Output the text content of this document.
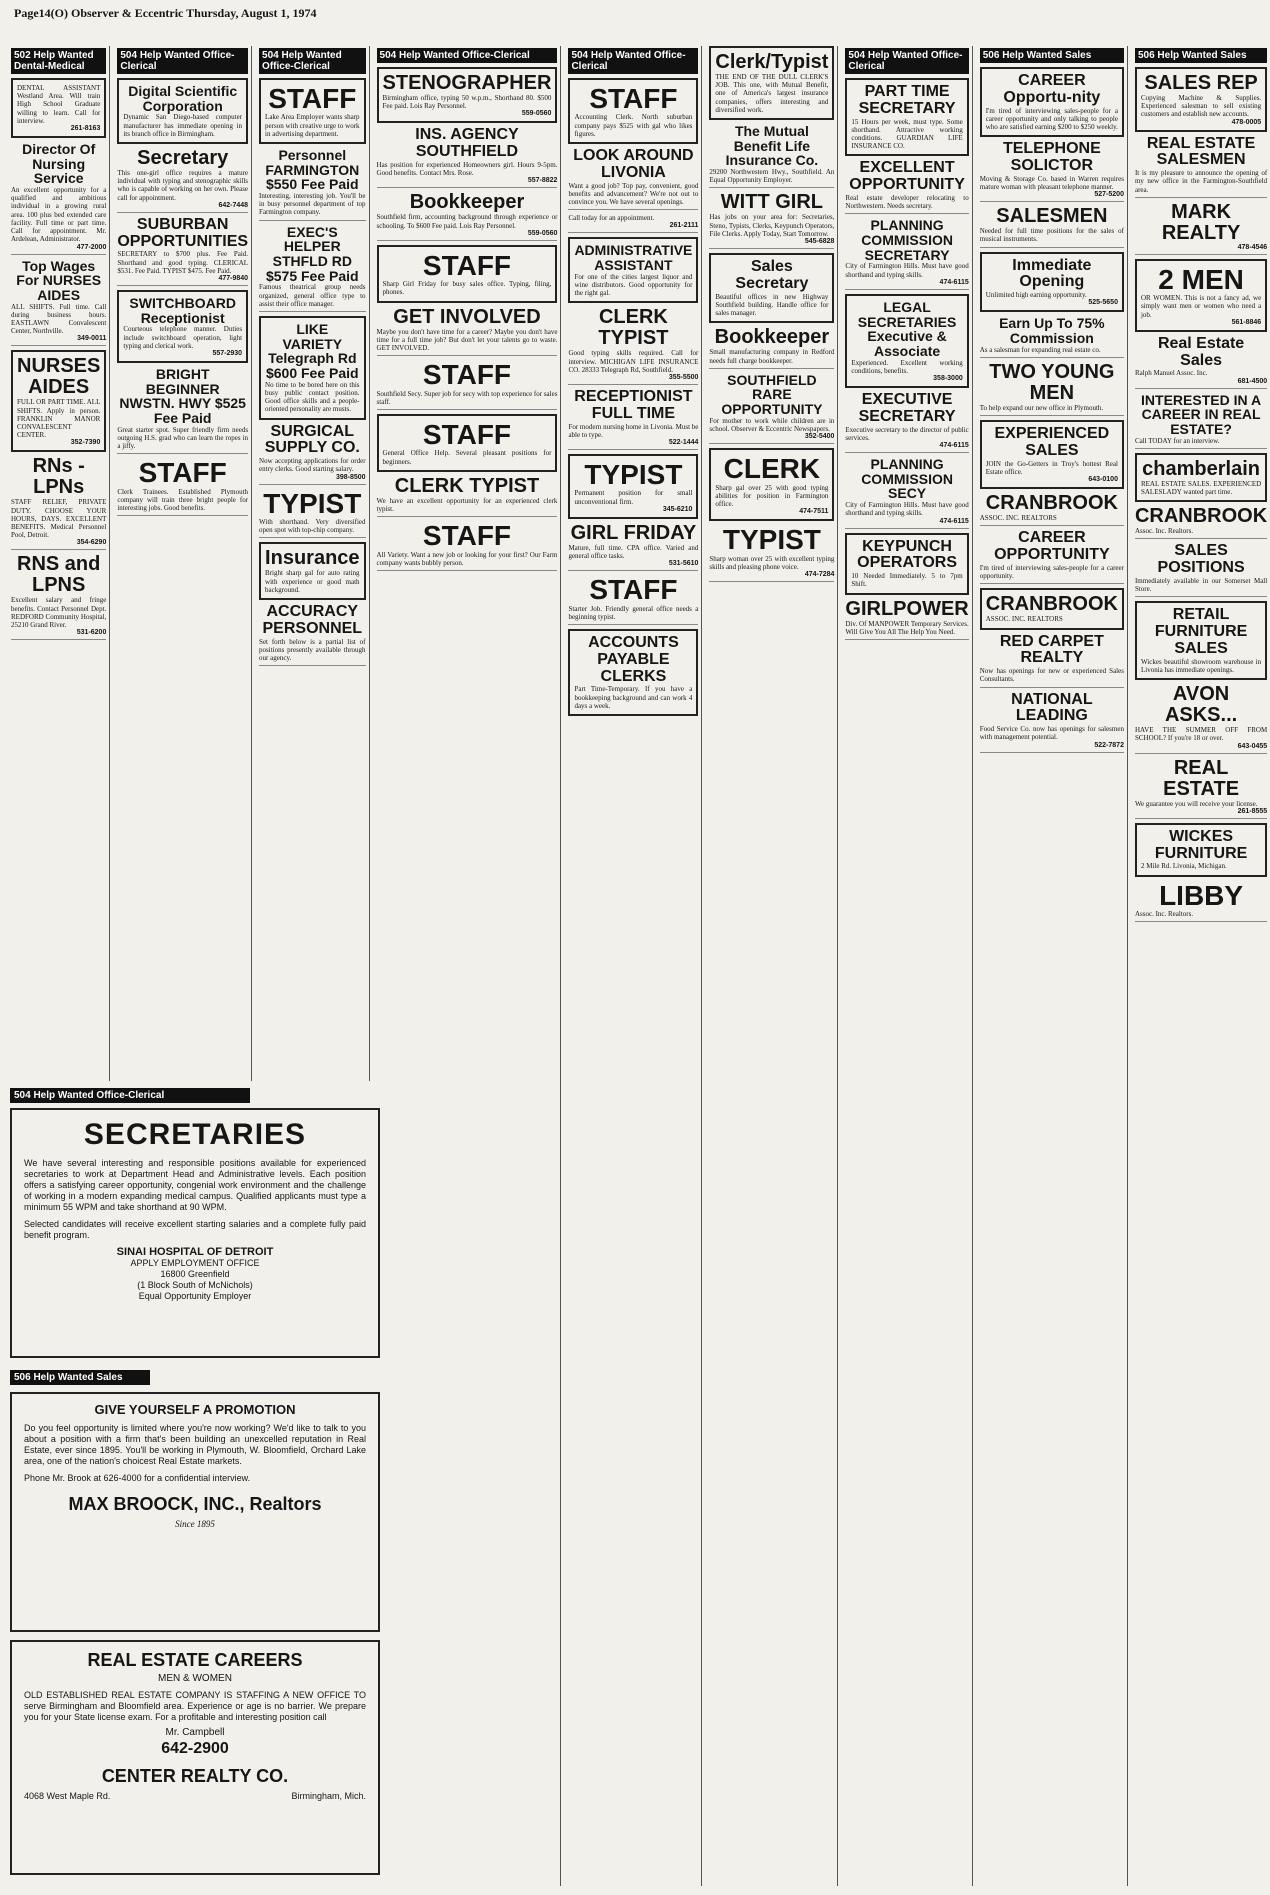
Page14(O) Observer & Eccentric Thursday, August 1, 1974
502 Help Wanted Dental-Medical
DENTAL ASSISTANT Westland Area. Will train High School Graduate willing to learn. Call for interview.
261-8163
Director Of Nursing Service
An excellent opportunity for a qualified and ambitious individual in a growing rural area. 100 plus bed extended care facility. Full time or part time. Call for appointment. Mr. Ardelean, Administrator.
477-2000
Top Wages For NURSES AIDES
ALL SHIFTS. Full time. Call during business hours. EASTLAWN Convalescent Center, Northville.
349-0011
NURSES AIDES
FULL OR PART TIME. ALL SHIFTS. Apply in person. FRANKLIN MANOR CONVALESCENT CENTER.
352-7390
RNs - LPNs
STAFF RELIEF, PRIVATE DUTY. CHOOSE YOUR HOURS, DAYS. EXCELLENT BENEFITS. Medical Personnel Pool, Detroit.
354-6290
RNS and LPNS
Excellent salary and fringe benefits. Contact Personnel Dept. REDFORD Community Hospital, 25210 Grand River.
531-6200
504 Help Wanted Office-Clerical
Digital Scientific Corporation
Dynamic San Diego-based computer manufacturer has immediate opening in its branch office in Birmingham.
Secretary
This one-girl office requires a mature individual with typing and stenographic skills who is capable of working on her own. Please call for appointment.
642-7448
SUBURBAN OPPORTUNITIES
SECRETARY to $700 plus. Fee Paid. Shorthand and good typing. CLERICAL $531. Fee Paid. TYPIST $475. Fee Paid.
477-9840
SWITCHBOARD Receptionist
Courteous telephone manner. Duties include switchboard operation, light typing and clerical work.
557-2930
BRIGHT BEGINNER NWSTN. HWY $525 Fee Paid
Great starter spot. Super friendly firm needs outgoing H.S. grad who can learn the ropes in a jiffy.
STAFF
Clerk Trainees. Established Plymouth company will train three bright people for interesting jobs. Good benefits.
504 Help Wanted Office-Clerical
STAFF
Lake Area Employer wants sharp person with creative urge to work in advertising department.
Personnel FARMINGTON $550 Fee Paid
Interesting, interesting job. You'll be in busy personnel department of top Farmington company.
EXEC'S HELPER STHFLD RD $575 Fee Paid
Famous theatrical group needs organized, general office type to assist their office manager.
LIKE VARIETY Telegraph Rd $600 Fee Paid
No time to be bored here on this busy public contact position. Good office skills and a people-oriented personality are musts.
SURGICAL SUPPLY CO.
Now accepting applications for order entry clerks. Good starting salary.
398-8500
TYPIST
With shorthand. Very diversified open spot with top-chip company.
Insurance
Bright sharp gal for auto rating with experience or good math background.
ACCURACY PERSONNEL
Set forth below is a partial list of positions presently available through our agency.
504 Help Wanted Office-Clerical
STENOGRAPHER
Birmingham office, typing 50 w.p.m., Shorthand 80. $500 Fee paid. Lois Ray Personnel.
559-0560
INS. AGENCY SOUTHFIELD
Has position for experienced Homeowners girl. Hours 9-5pm. Good benefits. Contact Mrs. Rose.
557-8822
Bookkeeper
Southfield firm, accounting background through experience or schooling. To $600 Fee paid. Lois Ray Personnel.
559-0560
STAFF
Sharp Girl Friday for busy sales office. Typing, filing, phones.
GET INVOLVED
Maybe you don't have time for a career? Maybe you don't have time for a full time job? But don't let your talents go to waste. GET INVOLVED.
STAFF
Southfield Secy. Super job for secy with top experience for sales staff.
STAFF
General Office Help. Several pleasant positions for beginners.
CLERK TYPIST
We have an excellent opportunity for an experienced clerk typist.
STAFF
All Variety. Want a new job or looking for your first? Our Farm company wants bubbly person.
504 Help Wanted Office-Clerical
STAFF
Accounting Clerk. North suburban company pays $525 with gal who likes figures.
LOOK AROUND LIVONIA
Want a good job? Top pay, convenient, good benefits and advancement? We're not out to convince you. We have several openings.
Call today for an appointment.
261-2111
ADMINISTRATIVE ASSISTANT
For one of the cities largest liquor and wine distributors. Good opportunity for the right gal.
CLERK TYPIST
Good typing skills required. Call for interview. MICHIGAN LIFE INSURANCE CO. 28333 Telegraph Rd, Southfield.
355-5500
RECEPTIONIST FULL TIME
For modern nursing home in Livonia. Must be able to type.
522-1444
TYPIST
Permanent position for small unconventional firm.
345-6210
GIRL FRIDAY
Mature, full time. CPA office. Varied and general office tasks.
531-5610
STAFF
Starter Job. Friendly general office needs a beginning typist.
ACCOUNTS PAYABLE CLERKS
Part Time-Temporary. If you have a bookkeeping background and can work 4 days a week.
Clerk/Typist
THE END OF THE DULL CLERK'S JOB. This one, with Mutual Benefit, one of America's largest insurance companies, offers interesting and diversified work.
The Mutual Benefit Life Insurance Co.
29200 Northwestern Hwy., Southfield. An Equal Opportunity Employer.
WITT GIRL
Has jobs on your area for: Secretaries, Steno, Typists, Clerks, Keypunch Operators, File Clerks. Apply Today, Start Tomorrow.
545-6828
Sales Secretary
Beautiful offices in new Highway Southfield building. Handle office for sales manager.
Bookkeeper
Small manufacturing company in Redford needs full charge bookkeeper.
SOUTHFIELD RARE OPPORTUNITY
For mother to work while children are in school. Observer & Eccentric Newspapers.
352-5400
CLERK
Sharp gal over 25 with good typing abilities for position in Farmington office.
474-7511
TYPIST
Sharp woman over 25 with excellent typing skills and pleasing phone voice.
474-7284
504 Help Wanted Office-Clerical
PART TIME SECRETARY
15 Hours per week, must type. Some shorthand. Attractive working conditions. GUARDIAN LIFE INSURANCE CO.
EXCELLENT OPPORTUNITY
Real estate developer relocating to Northwestern. Needs secretary.
PLANNING COMMISSION SECRETARY
City of Farmington Hills. Must have good shorthand and typing skills.
474-6115
LEGAL SECRETARIES Executive & Associate
Experienced. Excellent working conditions, benefits.
358-3000
EXECUTIVE SECRETARY
Executive secretary to the director of public services.
474-6115
PLANNING COMMISSION SECY
City of Farmington Hills. Must have good shorthand and typing skills.
474-6115
KEYPUNCH OPERATORS
10 Needed Immediately. 5 to 7pm Shift.
GIRLPOWER
Div. Of MANPOWER Temporary Services. Will Give You All The Help You Need.
506 Help Wanted Sales
CAREER Opportu-nity
I'm tired of interviewing sales-people for a career opportunity and only talking to people who are satisfied earning $200 to $250 weekly.
TELEPHONE SOLICTOR
Moving & Storage Co. based in Warren requires mature woman with pleasant telephone manner.
527-5200
SALESMEN
Needed for full time positions for the sales of musical instruments.
Immediate Opening
Unlimited high earning opportunity.
525-5650
Earn Up To 75% Commission
As a salesman for expanding real estate co.
TWO YOUNG MEN
To help expand our new office in Plymouth.
EXPERIENCED SALES
JOIN the Go-Getters in Troy's hottest Real Estate office.
643-0100
CRANBROOK
ASSOC. INC. REALTORS
CAREER OPPORTUNITY
I'm tired of interviewing sales-people for a career opportunity.
CRANBROOK
ASSOC. INC. REALTORS
RED CARPET REALTY
Now has openings for new or experienced Sales Consultants.
NATIONAL LEADING
Food Service Co. now has openings for salesmen with management potential.
522-7872
506 Help Wanted Sales
SALES REP
Copying Machine & Supplies. Experienced salesman to sell existing customers and establish new accounts.
478-0005
REAL ESTATE SALESMEN
It is my pleasure to announce the opening of my new office in the Farmington-Southfield area.
MARK REALTY
478-4546
2 MEN
OR WOMEN. This is not a fancy ad, we simply want men or women who need a job.
561-8846
Real Estate Sales
Ralph Manuel Assoc. Inc.
681-4500
INTERESTED IN A CAREER IN REAL ESTATE?
Call TODAY for an interview.
chamberlain
REAL ESTATE SALES. EXPERIENCED SALESLADY wanted part time.
CRANBROOK
Assoc. Inc. Realtors.
SALES POSITIONS
Immediately available in our Somerset Mall Store.
RETAIL FURNITURE SALES
Wickes beautiful showroom warehouse in Livonia has immediate openings.
AVON ASKS...
HAVE THE SUMMER OFF FROM SCHOOL? If you're 18 or over.
643-0455
REAL ESTATE
We guarantee you will receive your license.
261-8555
WICKES FURNITURE
2 Mile Rd. Livonia, Michigan.
LIBBY
Assoc. Inc. Realtors.
504 Help Wanted Office-Clerical
SECRETARIES

We have several interesting and responsible positions available for experienced secretaries to work at Department Head and Administrative levels. Each position offers a satisfying career opportunity, congenial work environment and the challenge of working in a modern expanding medical campus. Qualified applicants must type a minimum 55 WPM and take shorthand at 90 WPM.

Selected candidates will receive excellent starting salaries and a complete fully paid benefit program.

SINAI HOSPITAL OF DETROIT

APPLY EMPLOYMENT OFFICE
16800 Greenfield
(1 Block South of McNichols)
Equal Opportunity Employer
506 Help Wanted Sales
GIVE YOURSELF A PROMOTION

Do you feel opportunity is limited where you're now working? We'd like to talk to you about a position with a firm that's been building an unexcelled reputation in Real Estate, ever since 1895. You'll be working in Plymouth, W. Bloomfield, Orchard Lake area, one of the nation's choicest Real Estate markets.

Phone Mr. Brook at 626-4000 for a confidential interview.

MAX BROOCK, INC., Realtors
Since 1895
REAL ESTATE CAREERS
MEN & WOMEN

OLD ESTABLISHED REAL ESTATE COMPANY IS STAFFING A NEW OFFICE TO serve Birmingham and Bloomfield area. Experience or age is no barrier. We prepare you for your State license exam. For a profitable and interesting position call

Mr. Campbell
642-2900
CENTER REALTY CO.
4068 West Maple Rd.	Birmingham, Mich.
